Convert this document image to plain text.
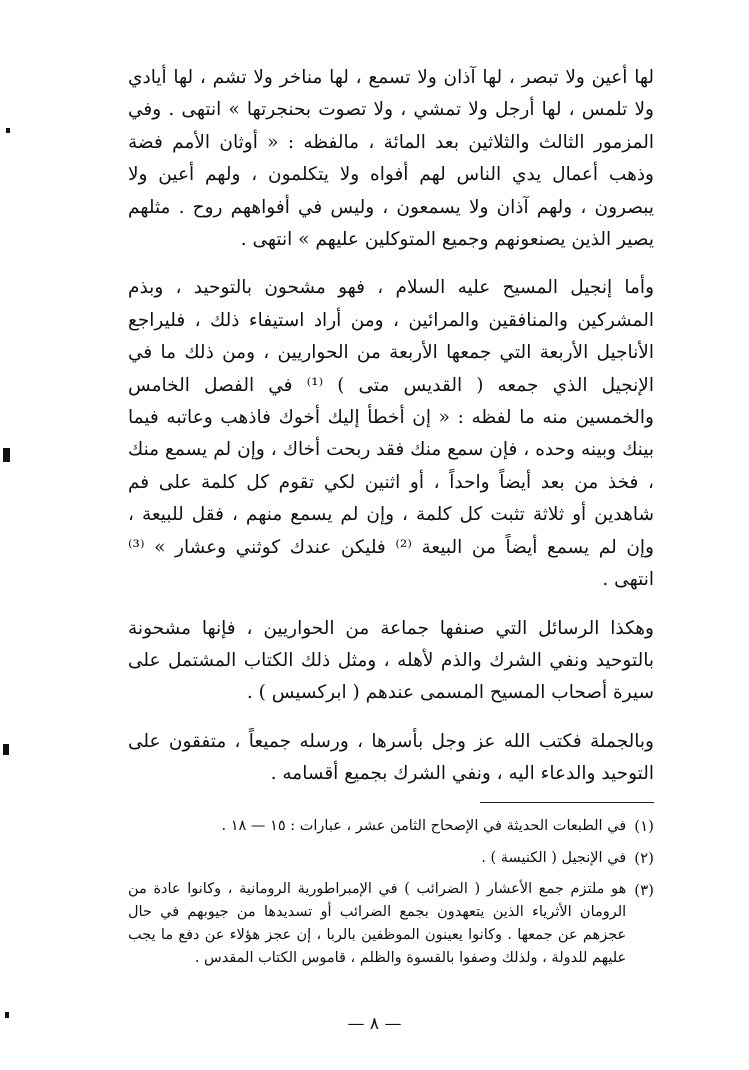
لها أعين ولا تبصر ، لها آذان ولا تسمع ، لها مناخر ولا تشم ، لها أيادي ولا تلمس ، لها أرجل ولا تمشي ، ولا تصوت بحنجرتها » انتهى . وفي المزمور الثالث والثلاثين بعد المائة ، مالفظه : « أوثان الأمم فضة وذهب أعمال يدي الناس لهم أفواه ولا يتكلمون ، ولهم أعين ولا يبصرون ، ولهم آذان ولا يسمعون ، وليس في أفواههم روح . مثلهم يصير الذين يصنعونهم وجميع المتوكلين عليهم » انتهى .

وأما إنجيل المسيح عليه السلام ، فهو مشحون بالتوحيد ، وبذم المشركين والمنافقين والمرائين ، ومن أراد استيفاء ذلك ، فليراجع الأناجيل الأربعة التي جمعها الأربعة من الحواريين ، ومن ذلك ما في الإنجيل الذي جمعه ( القديس متى ) ⁽¹⁾ في الفصل الخامس والخمسين منه ما لفظه : « إن أخطأ إليك أخوك فاذهب وعاتبه فيما بينك وبينه وحده ، فإن سمع منك فقد ربحت أخاك ، وإن لم يسمع منك ، فخذ من بعد أيضاً واحداً ، أو اثنين لكي تقوم كل كلمة على فم شاهدين أو ثلاثة تثبت كل كلمة ، وإن لم يسمع منهم ، فقل للبيعة ، وإن لم يسمع أيضاً من البيعة ⁽²⁾ فليكن عندك كوثني وعشار » ⁽³⁾ انتهى .

وهكذا الرسائل التي صنفها جماعة من الحواريين ، فإنها مشحونة بالتوحيد ونفي الشرك والذم لأهله ، ومثل ذلك الكتاب المشتمل على سيرة أصحاب المسيح المسمى عندهم ( ابركسيس ) .

وبالجملة فكتب الله عز وجل بأسرها ، ورسله جميعاً ، متفقون على التوحيد والدعاء اليه ، ونفي الشرك بجميع أقسامه .

(١)
في الطبعات الحديثة في الإصحاح الثامن عشر ، عبارات : ١٥ — ١٨ .
(٢)
في الإنجيل ( الكنيسة ) .
(٣)
هو ملتزم جمع الأعشار ( الضرائب ) في الإمبراطورية الرومانية ، وكانوا عادة من الرومان الأثرياء الذين يتعهدون بجمع الضرائب أو تسديدها من جيوبهم في حال عجزهم عن جمعها . وكانوا يعينون الموظفين بالربا ، إن عجز هؤلاء عن دفع ما يجب عليهم للدولة ، ولذلك وصفوا بالقسوة والظلم ، قاموس الكتاب المقدس .
— ٨ —
